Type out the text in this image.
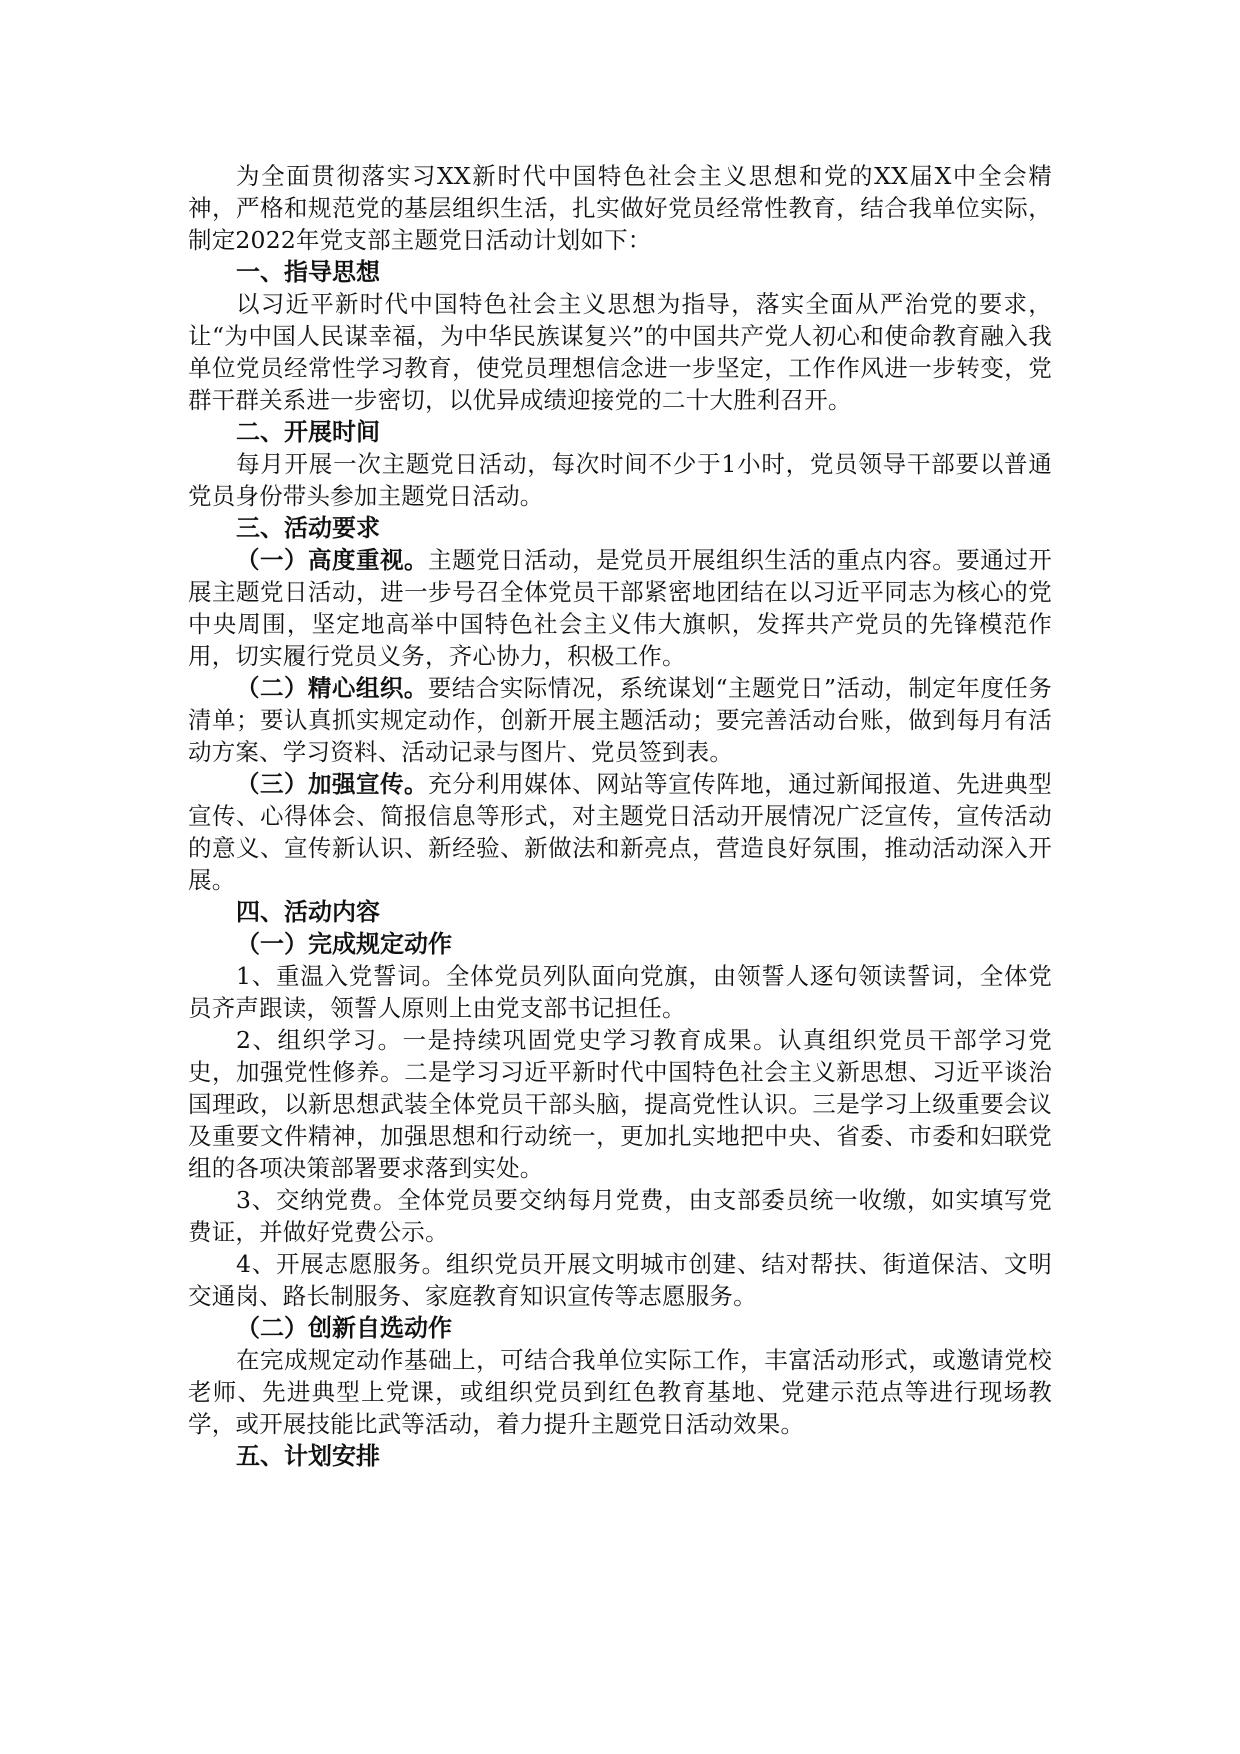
为全面贯彻落实习XX新时代中国特色社会主义思想和党的XX届X中全会精神，严格和规范党的基层组织生活，扎实做好党员经常性教育，结合我单位实际，制定2022年党支部主题党日活动计划如下：

一、指导思想

以习近平新时代中国特色社会主义思想为指导，落实全面从严治党的要求，让“为中国人民谋幸福，为中华民族谋复兴”的中国共产党人初心和使命教育融入我单位党员经常性学习教育，使党员理想信念进一步坚定，工作作风进一步转变，党群干群关系进一步密切，以优异成绩迎接党的二十大胜利召开。

二、开展时间

每月开展一次主题党日活动，每次时间不少于1小时，党员领导干部要以普通党员身份带头参加主题党日活动。

三、活动要求

（一）高度重视。主题党日活动，是党员开展组织生活的重点内容。要通过开展主题党日活动，进一步号召全体党员干部紧密地团结在以习近平同志为核心的党中央周围，坚定地高举中国特色社会主义伟大旗帜，发挥共产党员的先锋模范作用，切实履行党员义务，齐心协力，积极工作。

（二）精心组织。要结合实际情况，系统谋划“主题党日”活动，制定年度任务清单；要认真抓实规定动作，创新开展主题活动；要完善活动台账，做到每月有活动方案、学习资料、活动记录与图片、党员签到表。

（三）加强宣传。充分利用媒体、网站等宣传阵地，通过新闻报道、先进典型宣传、心得体会、简报信息等形式，对主题党日活动开展情况广泛宣传，宣传活动的意义、宣传新认识、新经验、新做法和新亮点，营造良好氛围，推动活动深入开展。

四、活动内容

（一）完成规定动作

1、重温入党誓词。全体党员列队面向党旗，由领誓人逐句领读誓词，全体党员齐声跟读，领誓人原则上由党支部书记担任。

2、组织学习。一是持续巩固党史学习教育成果。认真组织党员干部学习党史，加强党性修养。二是学习习近平新时代中国特色社会主义新思想、习近平谈治国理政，以新思想武装全体党员干部头脑，提高党性认识。三是学习上级重要会议及重要文件精神，加强思想和行动统一，更加扎实地把中央、省委、市委和妇联党组的各项决策部署要求落到实处。

3、交纳党费。全体党员要交纳每月党费，由支部委员统一收缴，如实填写党费证，并做好党费公示。

4、开展志愿服务。组织党员开展文明城市创建、结对帮扶、街道保洁、文明交通岗、路长制服务、家庭教育知识宣传等志愿服务。

（二）创新自选动作

在完成规定动作基础上，可结合我单位实际工作，丰富活动形式，或邀请党校老师、先进典型上党课，或组织党员到红色教育基地、党建示范点等进行现场教学，或开展技能比武等活动，着力提升主题党日活动效果。

五、计划安排
